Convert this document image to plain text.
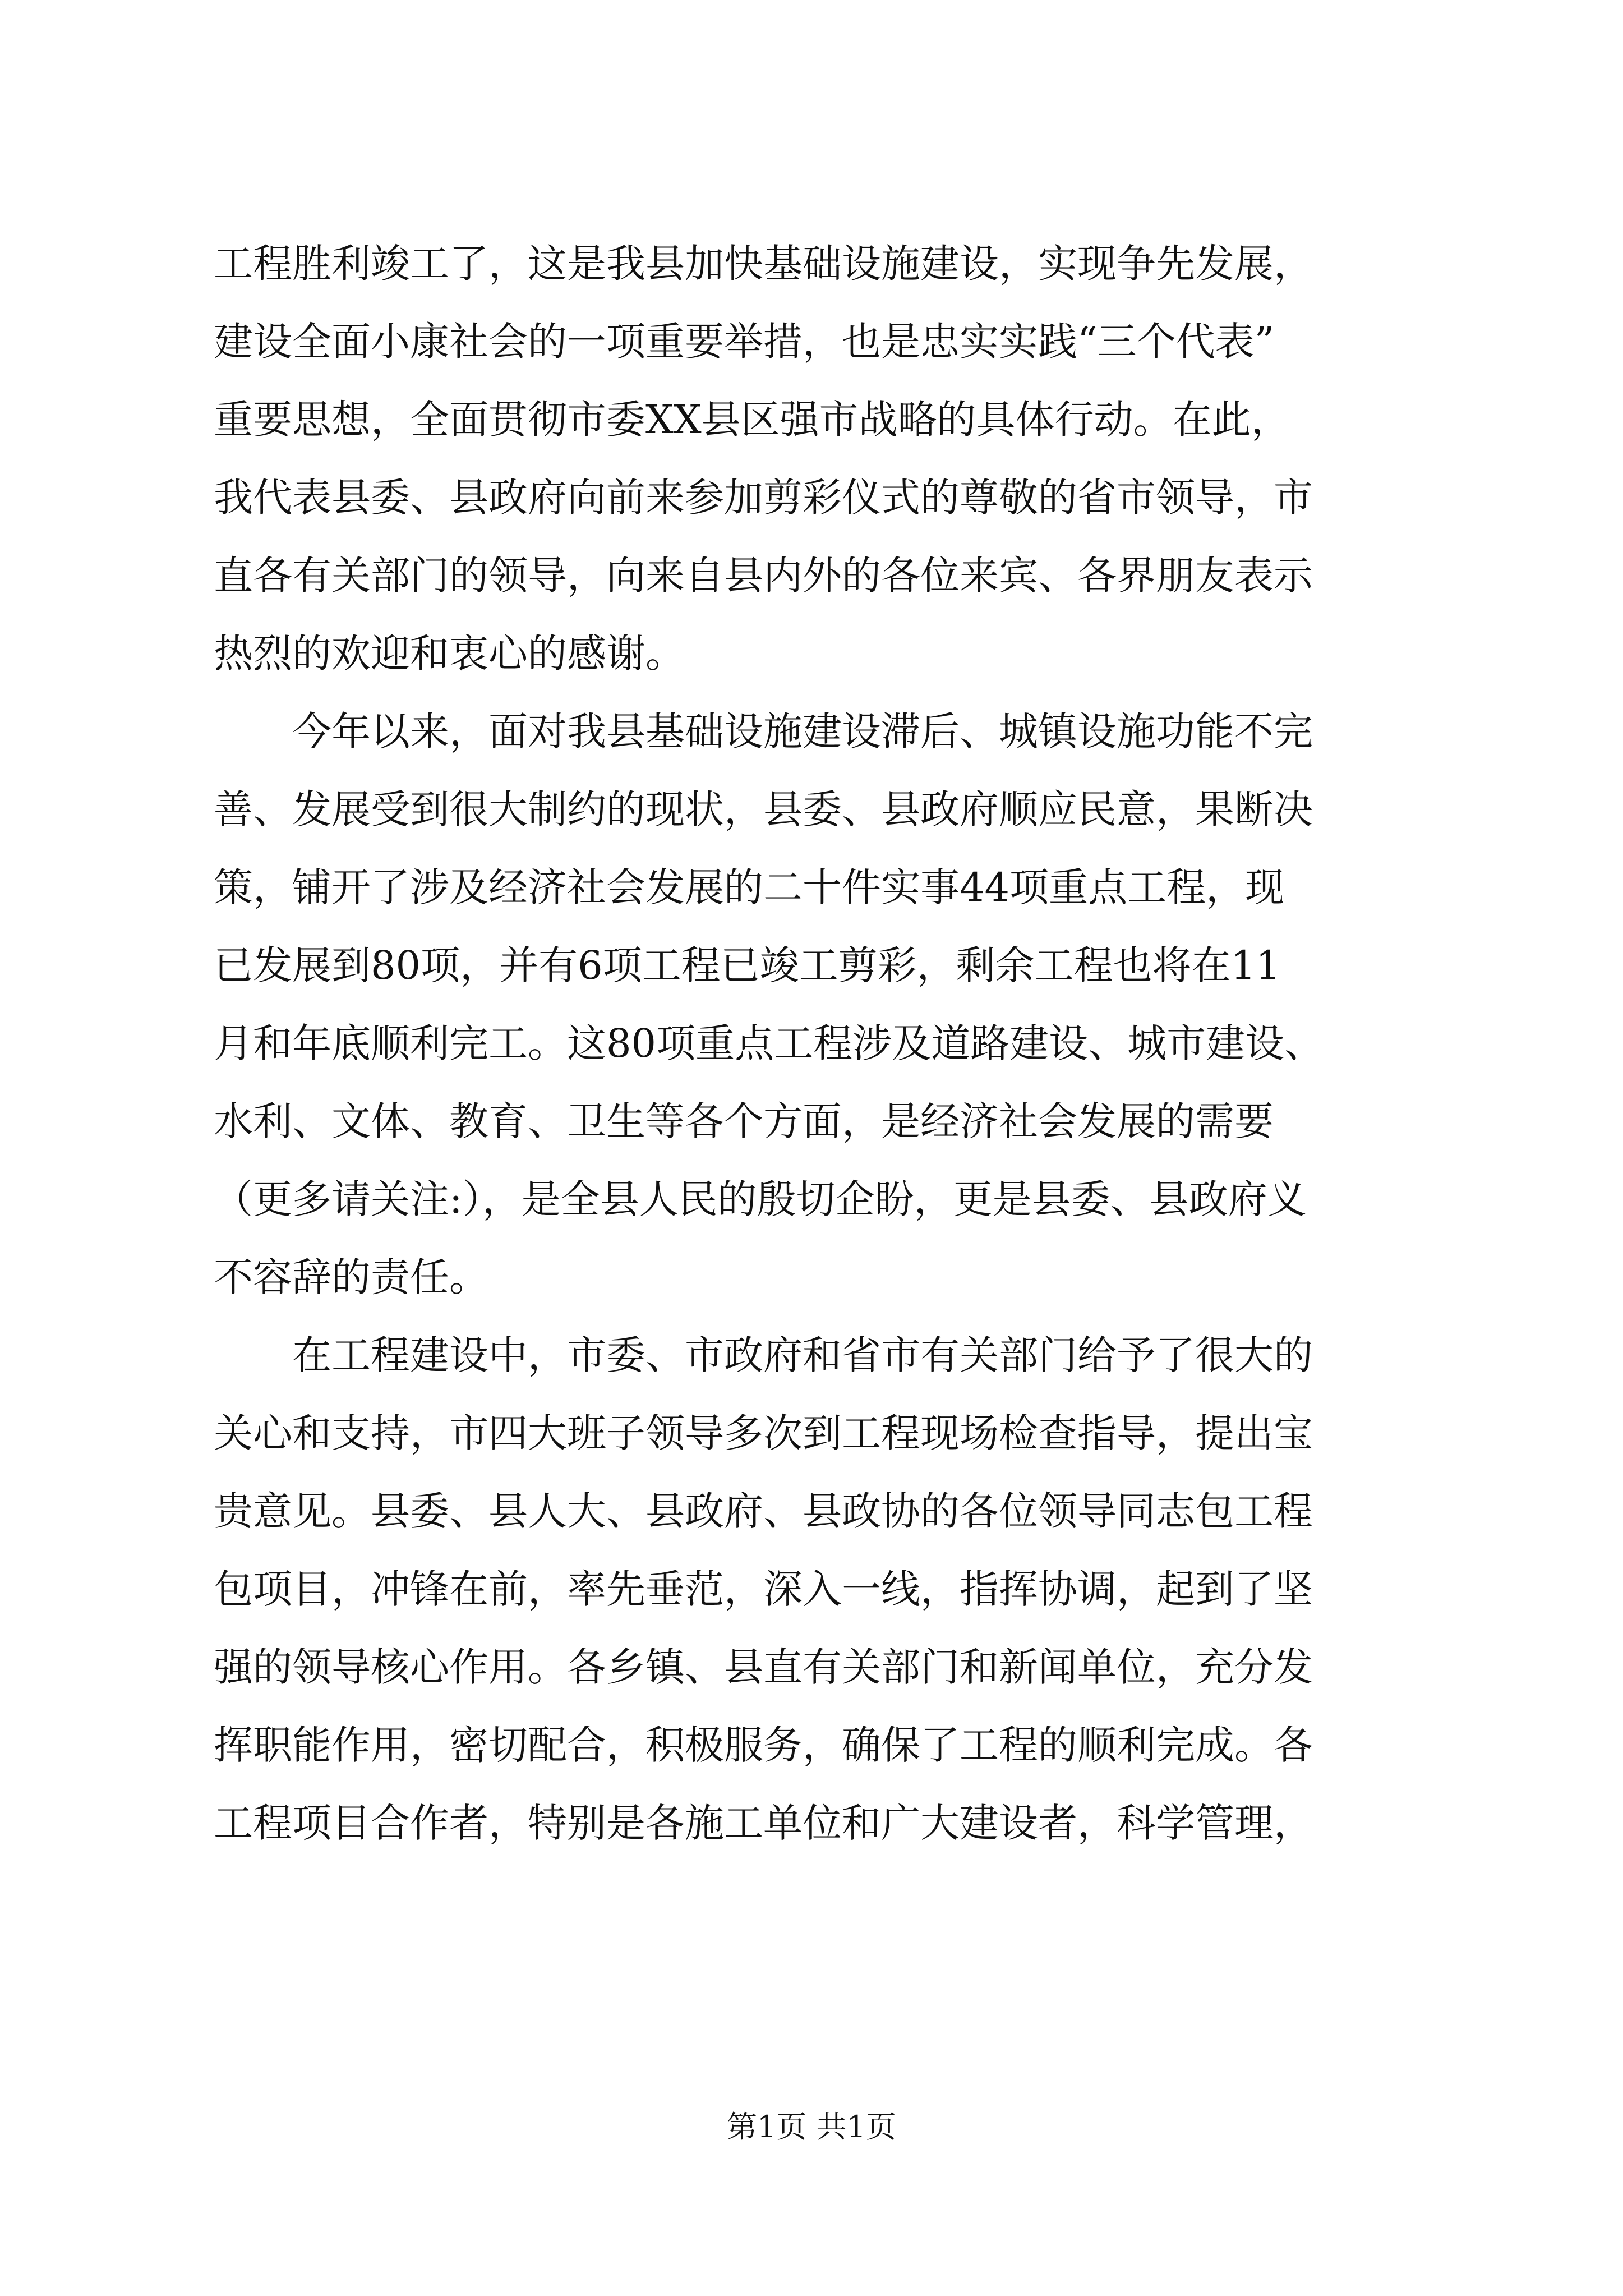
工程胜利竣工了，这是我县加快基础设施建设，实现争先发展，
建设全面小康社会的一项重要举措，也是忠实实践“三个代表”
重要思想，全面贯彻市委XX县区强市战略的具体行动。在此，
我代表县委、县政府向前来参加剪彩仪式的尊敬的省市领导，市
直各有关部门的领导，向来自县内外的各位来宾、各界朋友表示
热烈的欢迎和衷心的感谢。
今年以来，面对我县基础设施建设滞后、城镇设施功能不完
善、发展受到很大制约的现状，县委、县政府顺应民意，果断决
策，铺开了涉及经济社会发展的二十件实事44项重点工程，现
已发展到80项，并有6项工程已竣工剪彩，剩余工程也将在11
月和年底顺利完工。这80项重点工程涉及道路建设、城市建设、
水利、文体、教育、卫生等各个方面，是经济社会发展的需要
（更多请关注:），是全县人民的殷切企盼，更是县委、县政府义
不容辞的责任。
在工程建设中，市委、市政府和省市有关部门给予了很大的
关心和支持，市四大班子领导多次到工程现场检查指导，提出宝
贵意见。县委、县人大、县政府、县政协的各位领导同志包工程
包项目，冲锋在前，率先垂范，深入一线，指挥协调，起到了坚
强的领导核心作用。各乡镇、县直有关部门和新闻单位，充分发
挥职能作用，密切配合，积极服务，确保了工程的顺利完成。各
工程项目合作者，特别是各施工单位和广大建设者，科学管理，
第1页 共1页
